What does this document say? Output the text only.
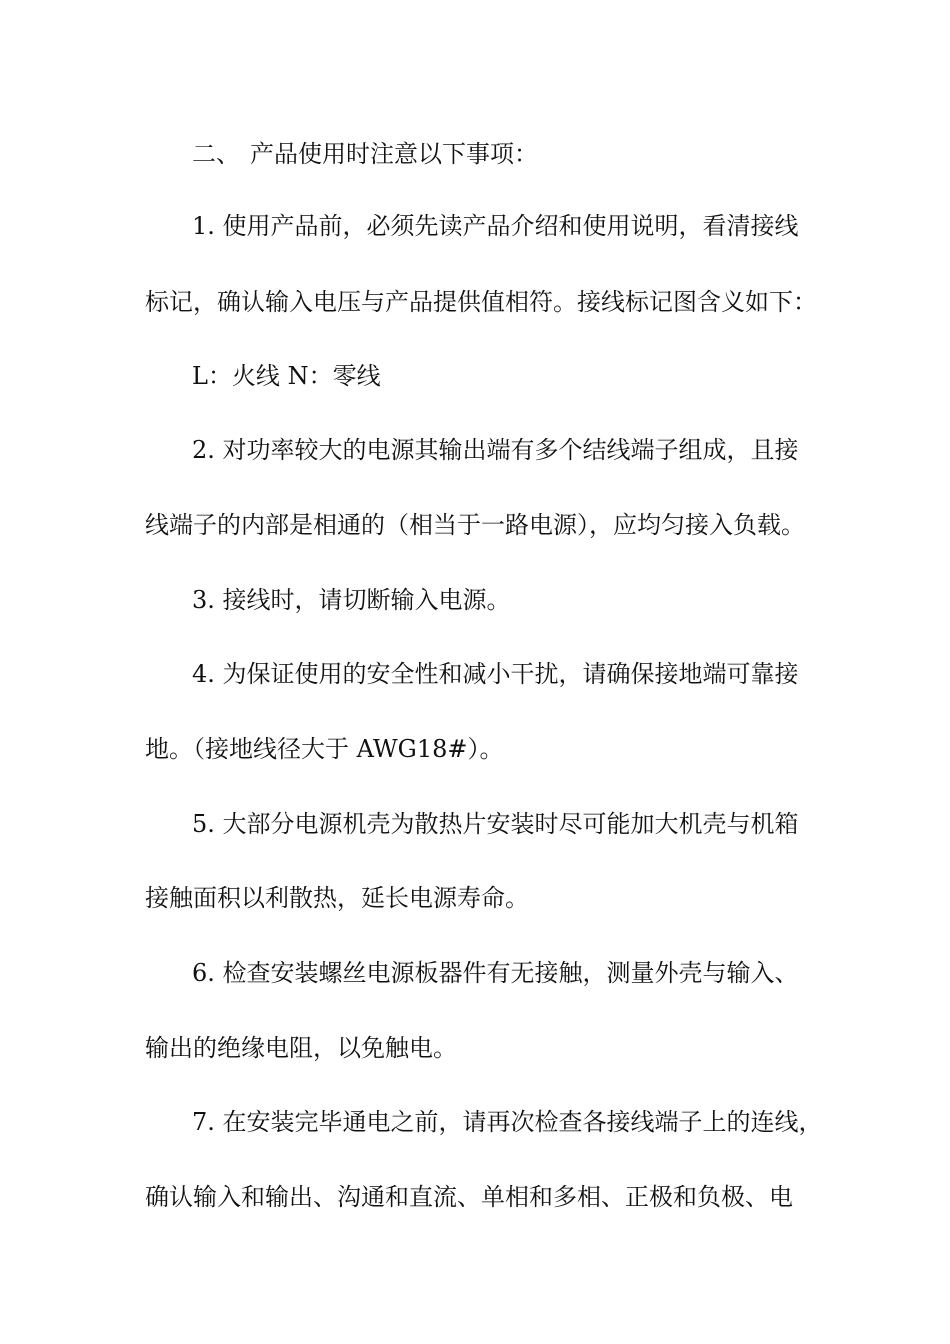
二、 产品使用时注意以下事项：
1. 使用产品前，必须先读产品介绍和使用说明，看清接线
标记，确认输入电压与产品提供值相符。接线标记图含义如下：
L：火线 N：零线
2. 对功率较大的电源其输出端有多个结线端子组成，且接
线端子的内部是相通的（相当于一路电源），应均匀接入负载。
3. 接线时，请切断输入电源。
4. 为保证使用的安全性和减小干扰，请确保接地端可靠接
地。（接地线径大于 AWG18#）。
5. 大部分电源机壳为散热片安装时尽可能加大机壳与机箱
接触面积以利散热，延长电源寿命。
6. 检查安装螺丝电源板器件有无接触，测量外壳与输入、
输出的绝缘电阻，以免触电。
7. 在安装完毕通电之前，请再次检查各接线端子上的连线，
确认输入和输出、沟通和直流、单相和多相、正极和负极、电
